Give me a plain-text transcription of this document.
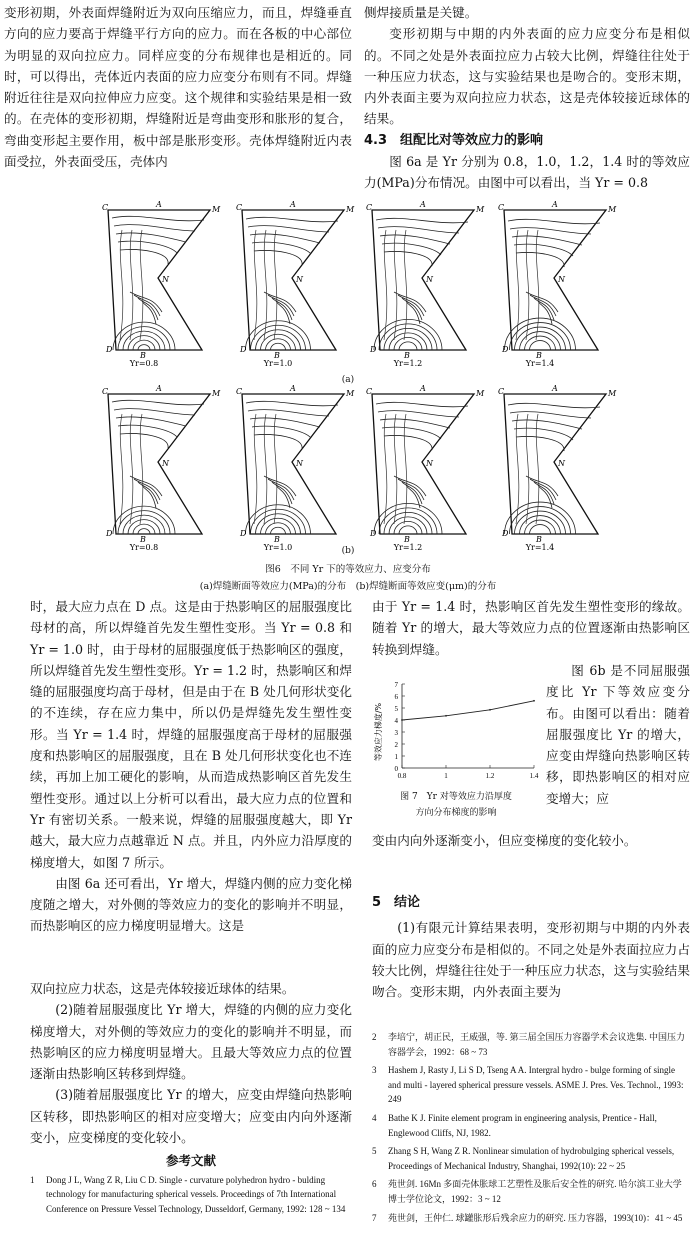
变形初期，外表面焊缝附近为双向压缩应力，而且，焊缝垂直方向的应力要高于焊缝平行方向的应力。而在各板的中心部位为明显的双向拉应力。同样应变的分布规律也是相近的。同时，可以得出，壳体近内表面的应力应变分布则有不同。焊缝附近往往是双向拉伸应力应变。这个规律和实验结果是相一致的。在壳体的变形初期，焊缝附近是弯曲变形和胀形的复合，弯曲变形起主要作用，板中部是胀形变形。壳体焊缝附近内表面受拉，外表面受压，壳体内

侧焊接质量是关键。

变形初期与中期的内外表面的应力应变分布是相似的。不同之处是外表面拉应力占较大比例，焊缝往往处于一种压应力状态，这与实验结果也是吻合的。变形末期，内外表面主要为双向拉应力状态，这是壳体较接近球体的结果。

4.3　组配比对等效应力的影响

图 6a 是 Yr 分别为 0.8，1.0，1.2，1.4 时的等效应力(MPa)分布情况。由图中可以看出，当 Yr = 0.8

C	A
M
N
D
B
Yr=0.8
C	A
M
N
D
B
Yr=1.0
C	A
M
N
D
B
Yr=1.2
C	A
M
N
D
B
Yr=1.4
(a)
C	A
M
N
D
B
Yr=0.8
C	A
M
N
D
B
Yr=1.0
C	A
M
N
D
B
Yr=1.2
C	A
M
N
D
B
Yr=1.4
(b)
图6　不同 Yr 下的等效应力、应变分布
(a)焊缝断面等效应力(MPa)的分布　(b)焊缝断面等效应变(μm)的分布

时，最大应力点在 D 点。这是由于热影响区的屈服强度比母材的高，所以焊缝首先发生塑性变形。当 Yr = 0.8 和 Yr = 1.0 时，由于母材的屈服强度低于热影响区的强度，所以焊缝首先发生塑性变形。Yr = 1.2 时，热影响区和焊缝的屈服强度均高于母材，但是由于在 B 处几何形状变化的不连续，存在应力集中，所以仍是焊缝先发生塑性变形。当 Yr = 1.4 时，焊缝的屈服强度高于母材的屈服强度和热影响区的屈服强度，且在 B 处几何形状变化也不连续，再加上加工硬化的影响，从而造成热影响区首先发生塑性变形。通过以上分析可以看出，最大应力点的位置和 Yr 有密切关系。一般来说，焊缝的屈服强度越大，即 Yr 越大，最大应力点越靠近 N 点。并且，内外应力沿厚度的梯度增大，如图 7 所示。

由图 6a 还可看出，Yr 增大，焊缝内侧的应力变化梯度随之增大，对外侧的等效应力的变化的影响并不明显，而热影响区的应力梯度明显增大。这是

由于 Yr = 1.4 时，热影响区首先发生塑性变形的缘故。随着 Yr 的增大，最大等效应力点的位置逐渐由热影响区转换到焊缝。

等效应力梯度/%
7
6
5
4
3
2
1
0
0.8	1	1.2	1.4
图 7　Yr 对等效应力沿厚度
方向分布梯度的影响

图 6b 是不同屈服强度比 Yr 下等效应变分布。由图可以看出：随着屈服强度比 Yr 的增大，应变由焊缝向热影响区转移，即热影响区的相对应变增大；应

变由内向外逐渐变小，但应变梯度的变化较小。

双向拉应力状态，这是壳体较接近球体的结果。

(2)随着屈服强度比 Yr 增大，焊缝的内侧的应力变化梯度增大，对外侧的等效应力的变化的影响并不明显，而热影响区的应力梯度明显增大。且最大等效应力点的位置逐渐由热影响区转移到焊缝。

(3)随着屈服强度比 Yr 的增大，应变由焊缝向热影响区转移，即热影响区的相对应变增大；应变由内向外逐渐变小，应变梯度的变化较小。

参考文献
1	Dong J L, Wang Z R, Liu C D. Single - curvature polyhedron hydro - bulding technology for manufacturing spherical vessels. Proceedings of 7th International Conference on Pressure Vessel Technology, Dusseldorf, Germany, 1992: 128 ~ 134

5　结论

(1)有限元计算结果表明，变形初期与中期的内外表面的应力应变分布是相似的。不同之处是外表面拉应力占较大比例，焊缝往往处于一种压应力状态，这与实验结果吻合。变形末期，内外表面主要为

2	李培宁，胡正民，王威强，等. 第三届全国压力容器学术会议选集. 中国压力容器学会，1992：68 ~ 73
3	Hashem J, Rasty J, Li S D, Tseng A A. Intergral hydro - bulge forming of single and multi - layered spherical pressure vessels. ASME J. Pres. Ves. Technol., 1993: 249
4	Bathe K J. Finite element program in engineering analysis, Prentice - Hall, Englewood Cliffs, NJ, 1982.
5	Zhang S H, Wang Z R. Nonlinear simulation of hydrobulging spherical vessels, Proceedings of Mechanical Industry, Shanghai, 1992(10): 22 ~ 25
6	苑世剑. 16Mn 多面壳体胀球工艺塑性及胀后安全性的研究. 哈尔滨工业大学博士学位论文，1992：3 ~ 12
7	苑世剑，王仲仁. 球罐胀形后残余应力的研究. 压力容器，1993(10)：41 ~ 45
